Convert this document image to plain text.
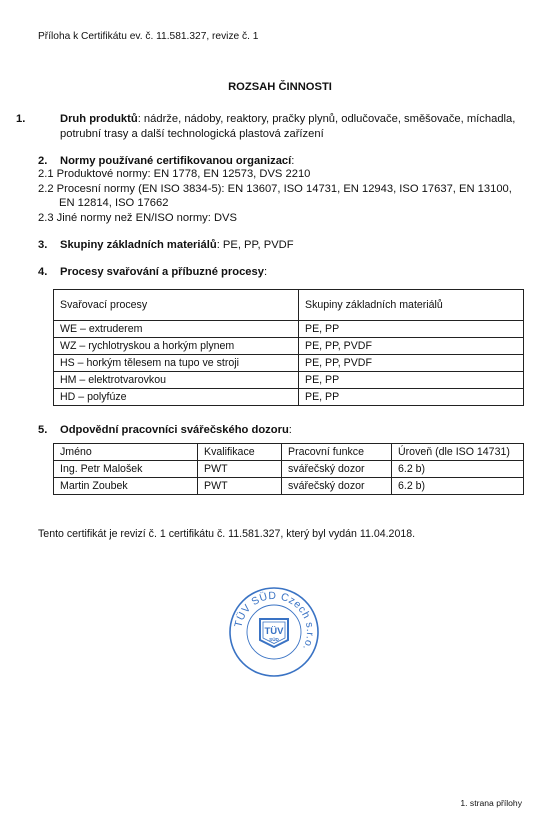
Příloha k Certifikátu ev. č. 11.581.327, revize č. 1
ROZSAH ČINNOSTI
1.	Druh produktů: nádrže, nádoby, reaktory, pračky plynů, odlučovače, směšovače, míchadla, potrubní trasy a další technologická plastová zařízení
2. Normy používané certifikovanou organizací:
2.1 Produktové normy: EN 1778, EN 12573, DVS 2210
2.2 Procesní normy (EN ISO 3834-5): EN 13607, ISO 14731, EN 12943, ISO 17637, EN 13100, EN 12814, ISO 17662
2.3 Jiné normy než EN/ISO normy: DVS
3. Skupiny základních materiálů: PE, PP, PVDF
4. Procesy svařování a příbuzné procesy:
Svařovací procesy	Skupiny základních materiálů
WE – extruderem	PE, PP
WZ – rychlotryskou a horkým plynem	PE, PP, PVDF
HS – horkým tělesem na tupo ve stroji	PE, PP, PVDF
HM – elektrotvarovkou	PE, PP
HD – polyfúze	PE, PP
5. Odpovědní pracovníci svářečského dozoru:
Jméno	Kvalifikace	Pracovní funkce	Úroveň (dle ISO 14731)
Ing. Petr Malošek	PWT	svářečský dozor	6.2 b)
Martin Zoubek	PWT	svářečský dozor	6.2 b)
Tento certifikát je revizí č. 1 certifikátu č. 11.581.327, který byl vydán 11.04.2018.
TÜV SÜD Czech s.r.o.
TÜV
SÜD
1. strana přílohy
